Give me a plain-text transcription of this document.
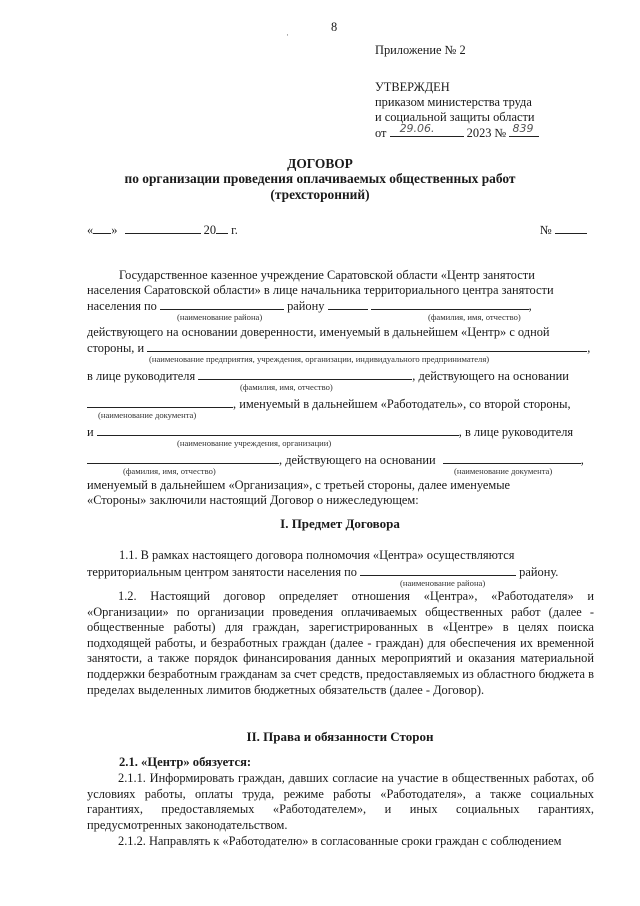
8
·
Приложение № 2
УТВЕРЖДЕН
приказом министерства труда
и социальной защиты области
от 29.06.	2023 № 839
ДОГОВОР
по организации проведения оплачиваемых общественных работ
(трехсторонний)
« »	20 г.	№
Государственное казенное учреждение Саратовской области «Центр занятости
населения Саратовской области» в лице начальника территориального центра занятости
населения по	району	,
(наименование района)	(фамилия, имя, отчество)
действующего на основании доверенности, именуемый в дальнейшем «Центр» с одной
стороны, и	,
(наименование предприятия, учреждения, организации, индивидуального предпринимателя)
в лице руководителя	, действующего на основании
(фамилия, имя, отчество)
, именуемый в дальнейшем «Работодатель», со второй стороны,
(наименование документа)
и	, в лице руководителя
(наименование учреждения, организации)
, действующего на основании	,
(фамилия, имя, отчество)	(наименование документа)
именуемый в дальнейшем «Организация», с третьей стороны, далее именуемые
«Стороны» заключили настоящий Договор о нижеследующем:
I. Предмет Договора
1.1. В рамках настоящего договора полномочия «Центра» осуществляются
территориальным центром занятости населения по	району.
(наименование района)

1.2. Настоящий договор определяет отношения «Центра», «Работодателя» и «Организации» по организации проведения оплачиваемых общественных работ (далее - общественные работы) для граждан, зарегистрированных в «Центре» в целях поиска подходящей работы, и безработных граждан (далее - граждан) для обеспечения их временной занятости, а также порядок финансирования данных мероприятий и оказания материальной поддержки безработным гражданам за счет средств, предоставляемых из областного бюджета в пределах выделенных лимитов бюджетных обязательств (далее - Договор).

II. Права и обязанности Сторон
2.1. «Центр» обязуется:

2.1.1. Информировать граждан, давших согласие на участие в общественных работах, об условиях работы, оплаты труда, режиме работы «Работодателя», а также социальных гарантиях, предоставляемых «Работодателем», и иных социальных гарантиях, предусмотренных законодательством.

2.1.2. Направлять к «Работодателю» в согласованные сроки граждан с соблюдением
